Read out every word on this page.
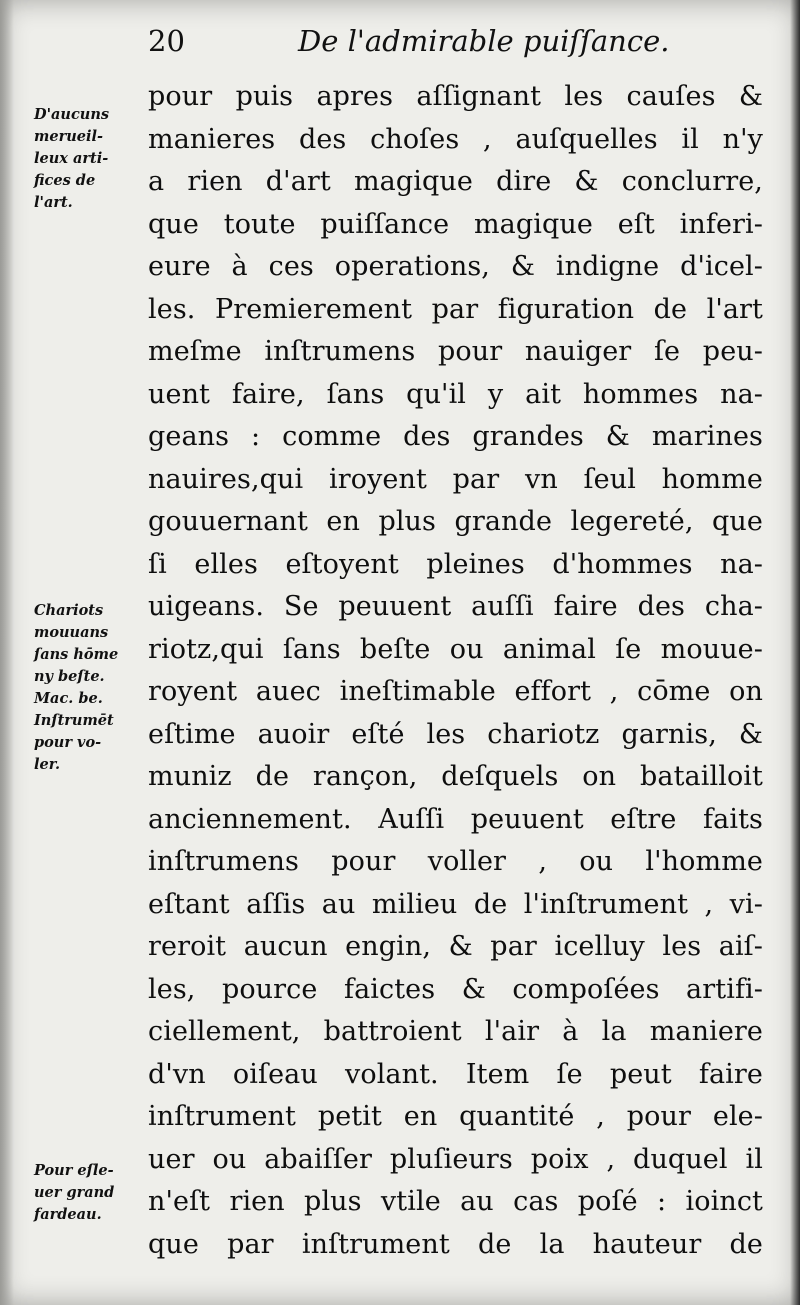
20	De l'admirable puiſſance.
pour puis apres aſſignant les cauſes &
manieres des choſes , auſquelles il n'y
a rien d'art magique dire & conclurre,
que toute puiſſance magique eſt inferi-
eure à ces operations, & indigne d'icel-
les. Premierement par figuration de l'art
meſme inſtrumens pour nauiger ſe peu-
uent faire, ſans qu'il y ait hommes na-
geans : comme des grandes & marines
nauires,qui iroyent par vn ſeul homme
gouuernant en plus grande legereté, que
ſi elles eſtoyent pleines d'hommes na-
uigeans. Se peuuent auſſi faire des cha-
riotz,qui ſans beſte ou animal ſe mouue-
royent auec ineſtimable effort , cōme on
eſtime auoir eſté les chariotz garnis, &
muniz de rançon, deſquels on batailloit
anciennement. Auſſi peuuent eſtre faits
inſtrumens pour voller , ou l'homme
eſtant aſſis au milieu de l'inſtrument , vi-
reroit aucun engin, & par icelluy les aiſ-
les, pource faictes & compoſées artifi-
ciellement, battroient l'air à la maniere
d'vn oiſeau volant. Item ſe peut faire
inſtrument petit en quantité , pour ele-
uer ou abaiſſer pluſieurs poix , duquel il
n'eſt rien plus vtile au cas poſé : ioinct
que par inſtrument de la hauteur de
D'aucuns
merueil-
leux arti-
fices de
l'art.
Chariots
mouuans
ſans hōme
ny beſte.
Mac. be.
Inſtrumēt
pour vo-
ler.
Pour eſle-
uer grand
fardeau.
